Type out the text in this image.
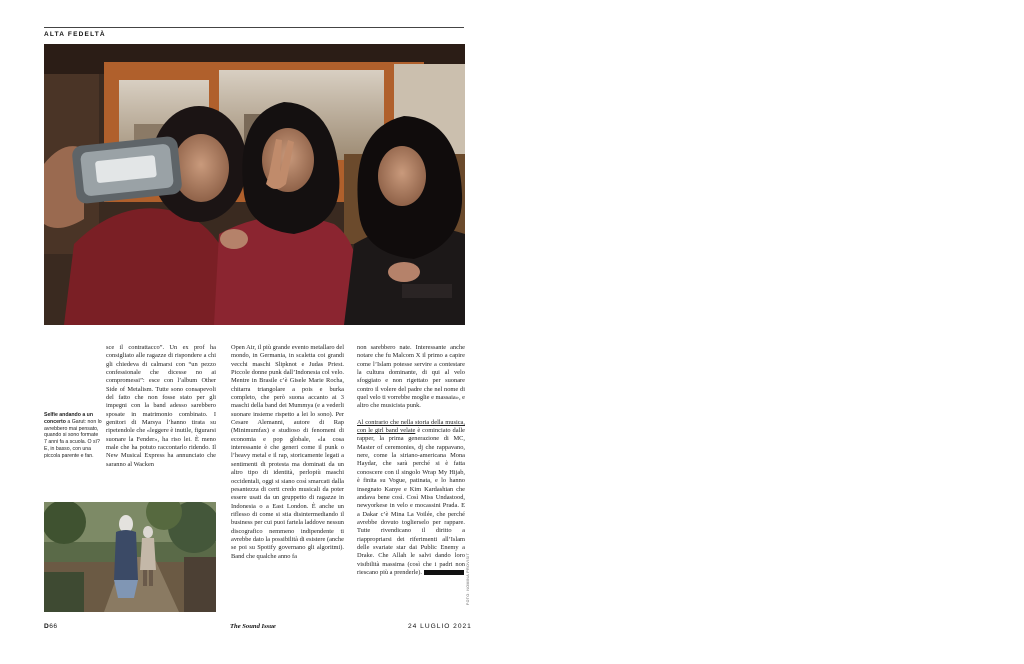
ALTA FEDELTÀ
Selfie andando a un concerto a Garut: non lo avrebbero mai pensato, quando si sono formate 7 anni fa a scuola. O sì? E, in basso, con una piccola parente e fan.

sce il contrattacco”. Un ex prof ha consigliato alle ragazze di rispondere a chi gli chiedeva di calmarsi con “un pezzo confessionale che dicesse no ai compromessi”: esce con l’album Other Side of Metalism. Tutte sono consapevoli del fatto che non fosse stato per gli impegni con la band adesso sarebbero sposate in matrimonio combinato. I genitori di Marsya l’hanno tirata su ripetendole che «leggere è inutile, figurarsi suonare la Fender», ha riso lei. È meno male che ha potuto raccontarlo ridendo. Il New Musical Express ha annunciato che saranno al Wacken

Open Air, il più grande evento metallaro del mondo, in Germania, in scaletta coi grandi vecchi maschi Slipknot e Judas Priest. Piccole donne punk dall’Indonesia col velo. Mentre in Brasile c’è Gisele Marie Rocha, chitarra triangolare a pois e burka completo, che però suona accanto ai 3 maschi della band dei Mummya (e a vederli suonare insieme rispetto a lei lo sono). Per Cesare Alemanni, autore di Rap (Minimumfax) e studioso di fenomeni di economia e pop globale, «la cosa interessante è che generi come il punk o l’heavy metal e il rap, storicamente legati a sentimenti di protesta ma dominati da un altro tipo di identità, perlopiù maschi occidentali, oggi si siano così smarcati dalla pesantezza di certi credo musicali da poter essere usati da un gruppetto di ragazze in Indonesia o a East London. È anche un riflesso di come si stia disintermediando il business per cui puoi fartela laddove nessun discografico nemmeno indipendente ti avrebbe dato la possibilità di esistere (anche se poi su Spotify governano gli algoritmi). Band che qualche anno fa

non sarebbero nate. Interessante anche notare che fu Malcom X il primo a capire come l’Islam potesse servire a contestare la cultura dominante, di qui al velo sfoggiato e non rigettato per suonare contro il volere del padre che nel nome di quel velo ti vorrebbe moglie e massaia», e altro che musicista punk.

Al contrario che nella storia della musica, con le girl band velate è cominciato dalle rapper, la prima generazione di MC, Master of ceremonies, dj che rappavano, nere, come la siriano-americana Mona Haydar, che sarà perché si è fatta conoscere con il singolo Wrap My Hijab, è finita su Vogue, patinata, e lo hanno insegnato Kanye e Kim Kardashian che andava bene così. Così Miss Undastood, newyorkese in velo e mocassini Prada. E a Dakar c’è Mina La Voilée, che perché avrebbe dovuto toglierselo per rappare. Tutte rivendicano il diritto a riappropriarsi dei riferimenti all’Islam delle svariate star dai Public Enemy a Drake. Che Allah le salvi dando loro visibilità massima (così che i padri non riescano più a prenderle).	FOTO: NOMINA PROVISIT
D66	The Sound Issue	24 LUGLIO 2021
